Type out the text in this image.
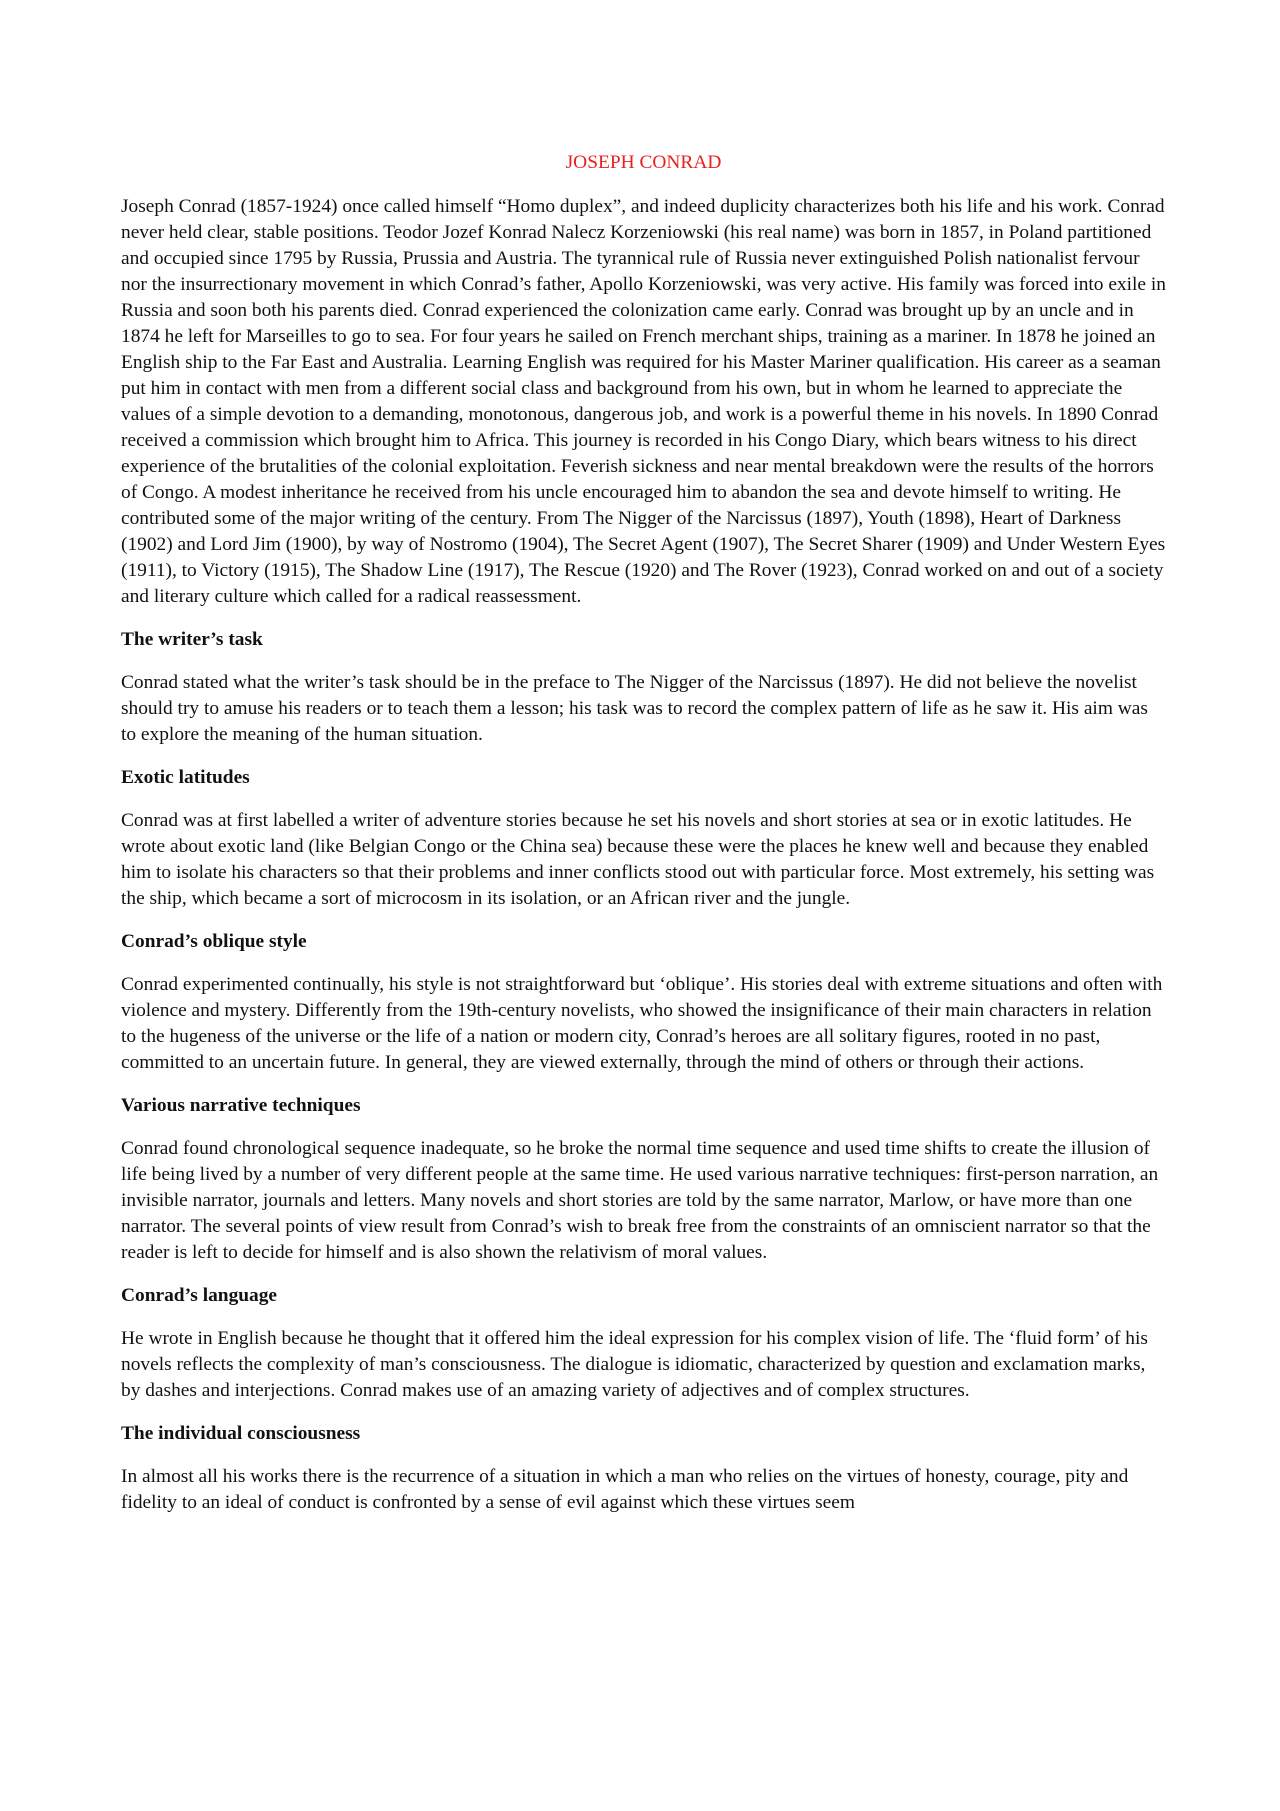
JOSEPH CONRAD

Joseph Conrad (1857-1924) once called himself “Homo duplex”, and indeed duplicity characterizes both his life and his work. Conrad never held clear, stable positions. Teodor Jozef Konrad Nalecz Korzeniowski (his real name) was born in 1857, in Poland partitioned and occupied since 1795 by Russia, Prussia and Austria. The tyrannical rule of Russia never extinguished Polish nationalist fervour nor the insurrectionary movement in which Conrad’s father, Apollo Korzeniowski, was very active. His family was forced into exile in Russia and soon both his parents died. Conrad experienced the colonization came early. Conrad was brought up by an uncle and in 1874 he left for Marseilles to go to sea. For four years he sailed on French merchant ships, training as a mariner. In 1878 he joined an English ship to the Far East and Australia. Learning English was required for his Master Mariner qualification. His career as a seaman put him in contact with men from a different social class and background from his own, but in whom he learned to appreciate the values of a simple devotion to a demanding, monotonous, dangerous job, and work is a powerful theme in his novels. In 1890 Conrad received a commission which brought him to Africa. This journey is recorded in his Congo Diary, which bears witness to his direct experience of the brutalities of the colonial exploitation. Feverish sickness and near mental breakdown were the results of the horrors of Congo. A modest inheritance he received from his uncle encouraged him to abandon the sea and devote himself to writing. He contributed some of the major writing of the century. From The Nigger of the Narcissus (1897), Youth (1898), Heart of Darkness (1902) and Lord Jim (1900), by way of Nostromo (1904), The Secret Agent (1907), The Secret Sharer (1909) and Under Western Eyes (1911), to Victory (1915), The Shadow Line (1917), The Rescue (1920) and The Rover (1923), Conrad worked on and out of a society and literary culture which called for a radical reassessment.

The writer’s task

Conrad stated what the writer’s task should be in the preface to The Nigger of the Narcissus (1897). He did not believe the novelist should try to amuse his readers or to teach them a lesson; his task was to record the complex pattern of life as he saw it. His aim was to explore the meaning of the human situation.

Exotic latitudes

Conrad was at first labelled a writer of adventure stories because he set his novels and short stories at sea or in exotic latitudes. He wrote about exotic land (like Belgian Congo or the China sea) because these were the places he knew well and because they enabled him to isolate his characters so that their problems and inner conflicts stood out with particular force. Most extremely, his setting was the ship, which became a sort of microcosm in its isolation, or an African river and the jungle.

Conrad’s oblique style

Conrad experimented continually, his style is not straightforward but ‘oblique’. His stories deal with extreme situations and often with violence and mystery. Differently from the 19th-century novelists, who showed the insignificance of their main characters in relation to the hugeness of the universe or the life of a nation or modern city, Conrad’s heroes are all solitary figures, rooted in no past, committed to an uncertain future. In general, they are viewed externally, through the mind of others or through their actions.

Various narrative techniques

Conrad found chronological sequence inadequate, so he broke the normal time sequence and used time shifts to create the illusion of life being lived by a number of very different people at the same time. He used various narrative techniques: first-person narration, an invisible narrator, journals and letters. Many novels and short stories are told by the same narrator, Marlow, or have more than one narrator. The several points of view result from Conrad’s wish to break free from the constraints of an omniscient narrator so that the reader is left to decide for himself and is also shown the relativism of moral values.

Conrad’s language

He wrote in English because he thought that it offered him the ideal expression for his complex vision of life. The ‘fluid form’ of his novels reflects the complexity of man’s consciousness. The dialogue is idiomatic, characterized by question and exclamation marks, by dashes and interjections. Conrad makes use of an amazing variety of adjectives and of complex structures.

The individual consciousness

In almost all his works there is the recurrence of a situation in which a man who relies on the virtues of honesty, courage, pity and fidelity to an ideal of conduct is confronted by a sense of evil against which these virtues seem
